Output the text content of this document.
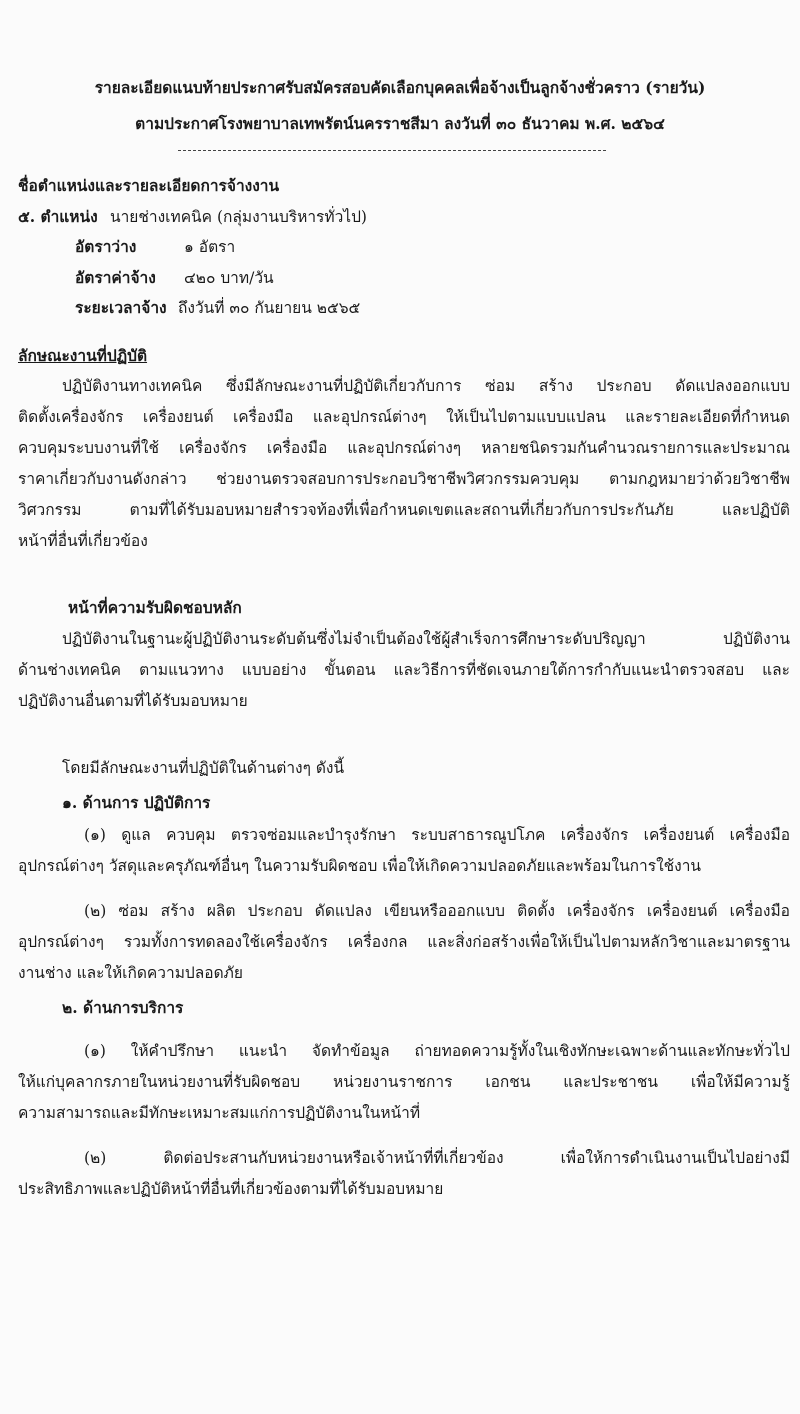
รายละเอียดแนบท้ายประกาศรับสมัครสอบคัดเลือกบุคคลเพื่อจ้างเป็นลูกจ้างชั่วคราว (รายวัน)
ตามประกาศโรงพยาบาลเทพรัตน์นครราชสีมา ลงวันที่ ๓๐ ธันวาคม พ.ศ. ๒๕๖๔
ชื่อตำแหน่งและรายละเอียดการจ้างงาน
๕. ตำแหน่ง นายช่างเทคนิค (กลุ่มงานบริหารทั่วไป)
อัตราว่าง	๑ อัตรา
อัตราค่าจ้าง ๔๒๐ บาท/วัน
ระยะเวลาจ้าง ถึงวันที่ ๓๐ กันยายน ๒๕๖๕
ลักษณะงานที่ปฏิบัติ
ปฏิบัติงานทางเทคนิค ซึ่งมีลักษณะงานที่ปฏิบัติเกี่ยวกับการ ซ่อม สร้าง ประกอบ ดัดแปลงออกแบบ
ติดตั้งเครื่องจักร เครื่องยนต์ เครื่องมือ และอุปกรณ์ต่างๆ ให้เป็นไปตามแบบแปลน และรายละเอียดที่กำหนด
ควบคุมระบบงานที่ใช้ เครื่องจักร เครื่องมือ และอุปกรณ์ต่างๆ หลายชนิดรวมกันคำนวณรายการและประมาณ
ราคาเกี่ยวกับงานดังกล่าว ช่วยงานตรวจสอบการประกอบวิชาชีพวิศวกรรมควบคุม ตามกฎหมายว่าด้วยวิชาชีพ
วิศวกรรม ตามที่ได้รับมอบหมายสำรวจท้องที่เพื่อกำหนดเขตและสถานที่เกี่ยวกับการประกันภัย และปฏิบัติ
หน้าที่อื่นที่เกี่ยวข้อง
หน้าที่ความรับผิดชอบหลัก
ปฏิบัติงานในฐานะผู้ปฏิบัติงานระดับต้นซึ่งไม่จำเป็นต้องใช้ผู้สำเร็จการศึกษาระดับปริญญา ปฏิบัติงาน
ด้านช่างเทคนิค ตามแนวทาง แบบอย่าง ขั้นตอน และวิธีการที่ชัดเจนภายใต้การกำกับแนะนำตรวจสอบ และ
ปฏิบัติงานอื่นตามที่ได้รับมอบหมาย
โดยมีลักษณะงานที่ปฏิบัติในด้านต่างๆ ดังนี้
๑. ด้านการ ปฏิบัติการ
(๑) ดูแล ควบคุม ตรวจซ่อมและบำรุงรักษา ระบบสาธารณูปโภค เครื่องจักร เครื่องยนต์ เครื่องมือ
อุปกรณ์ต่างๆ วัสดุและครุภัณฑ์อื่นๆ ในความรับผิดชอบ เพื่อให้เกิดความปลอดภัยและพร้อมในการใช้งาน
(๒) ซ่อม สร้าง ผลิต ประกอบ ดัดแปลง เขียนหรือออกแบบ ติดตั้ง เครื่องจักร เครื่องยนต์ เครื่องมือ
อุปกรณ์ต่างๆ รวมทั้งการทดลองใช้เครื่องจักร เครื่องกล และสิ่งก่อสร้างเพื่อให้เป็นไปตามหลักวิชาและมาตรฐาน
งานช่าง และให้เกิดความปลอดภัย
๒. ด้านการบริการ
(๑) ให้คำปรึกษา แนะนำ จัดทำข้อมูล ถ่ายทอดความรู้ทั้งในเชิงทักษะเฉพาะด้านและทักษะทั่วไป
ให้แก่บุคลากรภายในหน่วยงานที่รับผิดชอบ หน่วยงานราชการ เอกชน และประชาชน เพื่อให้มีความรู้
ความสามารถและมีทักษะเหมาะสมแก่การปฏิบัติงานในหน้าที่
(๒) ติดต่อประสานกับหน่วยงานหรือเจ้าหน้าที่ที่เกี่ยวข้อง เพื่อให้การดำเนินงานเป็นไปอย่างมี
ประสิทธิภาพและปฏิบัติหน้าที่อื่นที่เกี่ยวข้องตามที่ได้รับมอบหมาย
